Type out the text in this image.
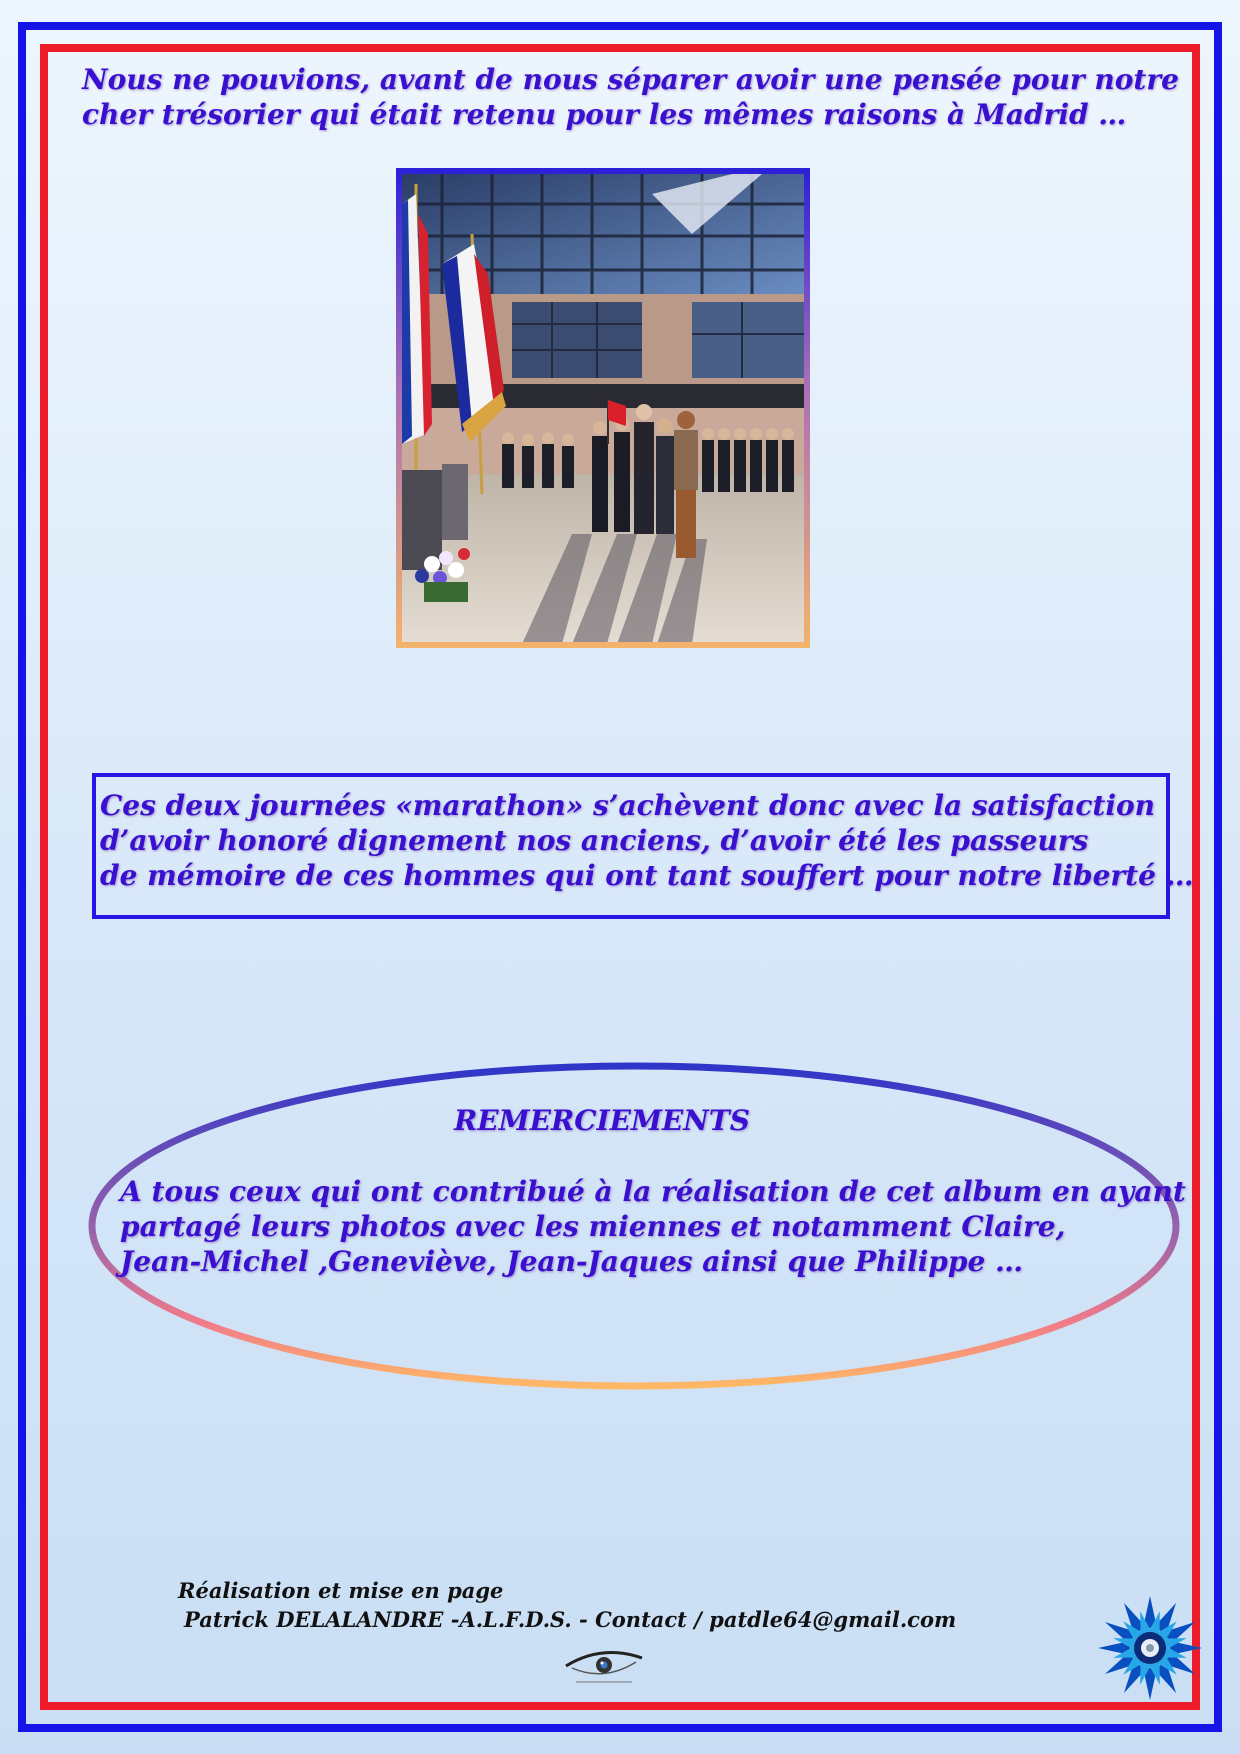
Nous ne pouvions, avant de nous séparer avoir une pensée pour notre
cher trésorier qui était retenu pour les mêmes raisons à Madrid …

Ces deux journées «marathon» s’achèvent donc avec la satisfaction
d’avoir honoré dignement nos anciens, d’avoir été les passeurs
de mémoire de ces hommes qui ont tant souffert pour notre liberté …

REMERCIEMENTS

A tous ceux qui ont contribué à la réalisation de cet album en ayant
partagé leurs photos avec les miennes et notamment Claire,
Jean-Michel ,Geneviève, Jean-Jaques ainsi que Philippe …

Réalisation et mise en page
Patrick DELALANDRE -A.L.F.D.S. - Contact / patdle64@gmail.com
